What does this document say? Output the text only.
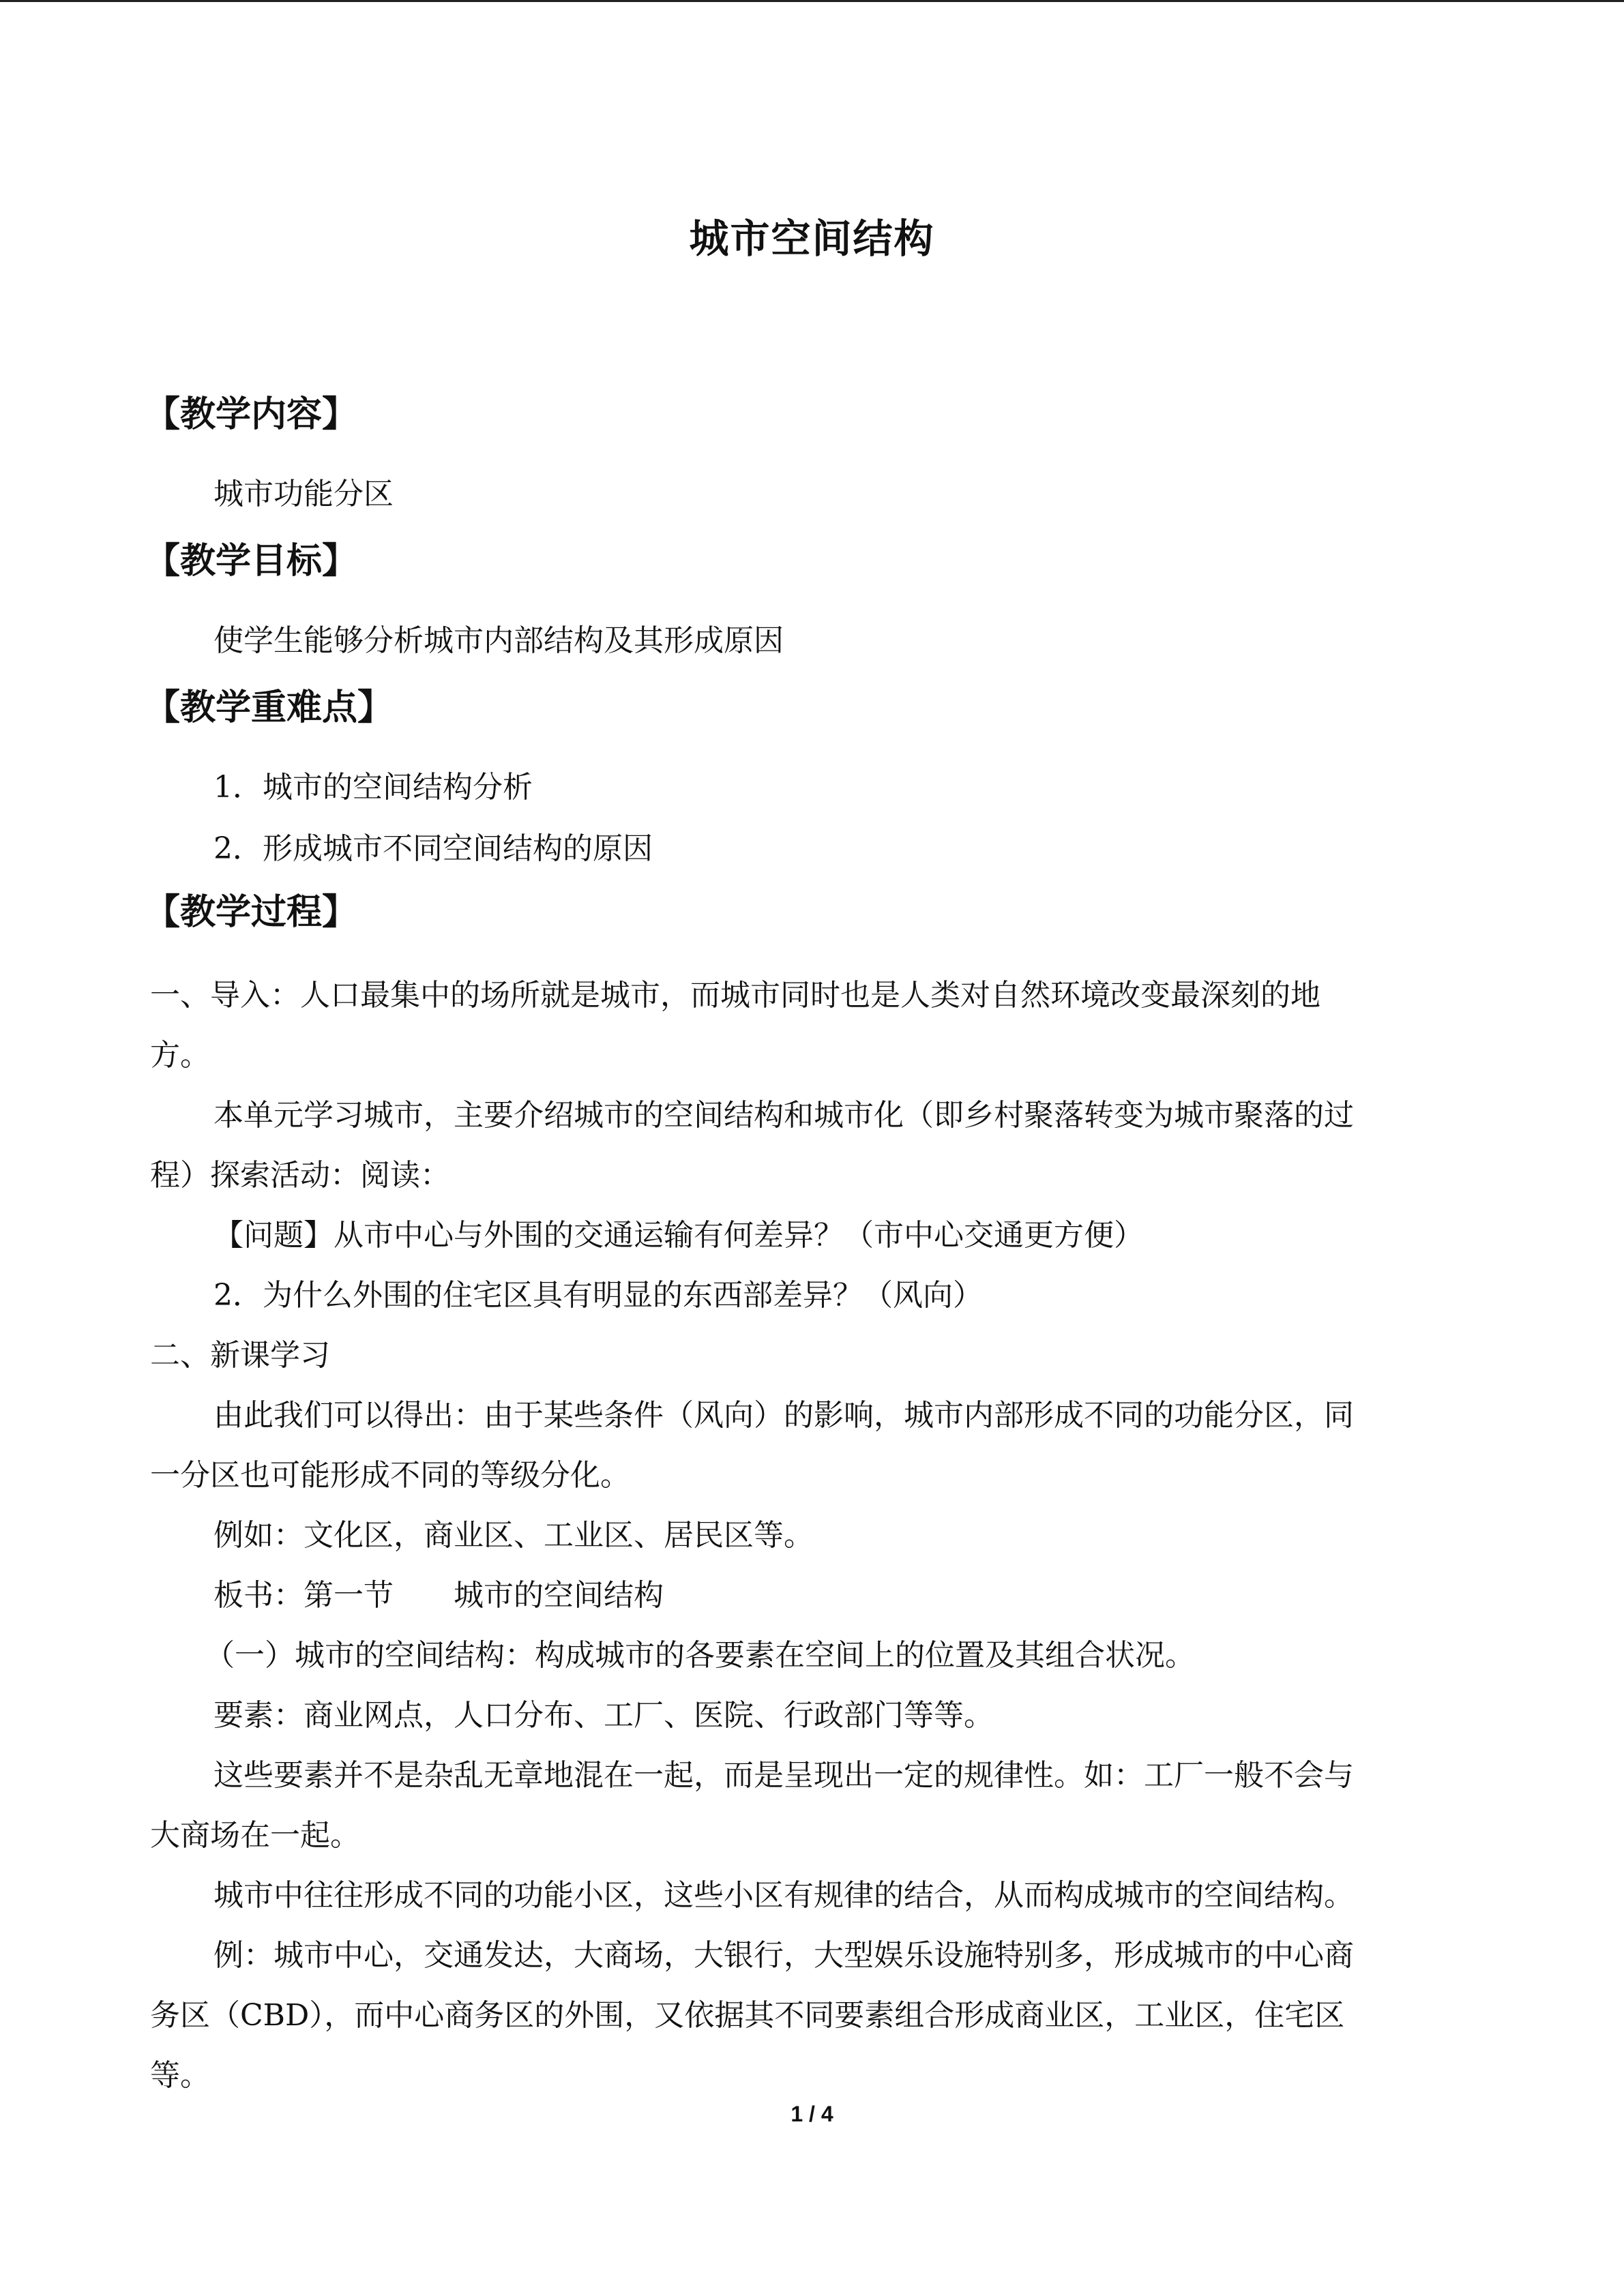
城市空间结构
【教学内容】
城市功能分区
【教学目标】
使学生能够分析城市内部结构及其形成原因
【教学重难点】
1．城市的空间结构分析
2．形成城市不同空间结构的原因
【教学过程】
一、导入：人口最集中的场所就是城市，而城市同时也是人类对自然环境改变最深刻的地
方。
本单元学习城市，主要介绍城市的空间结构和城市化（即乡村聚落转变为城市聚落的过
程）探索活动：阅读：
【问题】从市中心与外围的交通运输有何差异？（市中心交通更方便）
2．为什么外围的住宅区具有明显的东西部差异？（风向）
二、新课学习
由此我们可以得出：由于某些条件（风向）的影响，城市内部形成不同的功能分区，同
一分区也可能形成不同的等级分化。
例如：文化区，商业区、工业区、居民区等。
板书：第一节　　城市的空间结构
（一）城市的空间结构：构成城市的各要素在空间上的位置及其组合状况。
要素：商业网点，人口分布、工厂、医院、行政部门等等。
这些要素并不是杂乱无章地混在一起，而是呈现出一定的规律性。如：工厂一般不会与
大商场在一起。
城市中往往形成不同的功能小区，这些小区有规律的结合，从而构成城市的空间结构。
例：城市中心，交通发达，大商场，大银行，大型娱乐设施特别多，形成城市的中心商
务区（CBD），而中心商务区的外围，又依据其不同要素组合形成商业区，工业区，住宅区
等。
1 / 4
